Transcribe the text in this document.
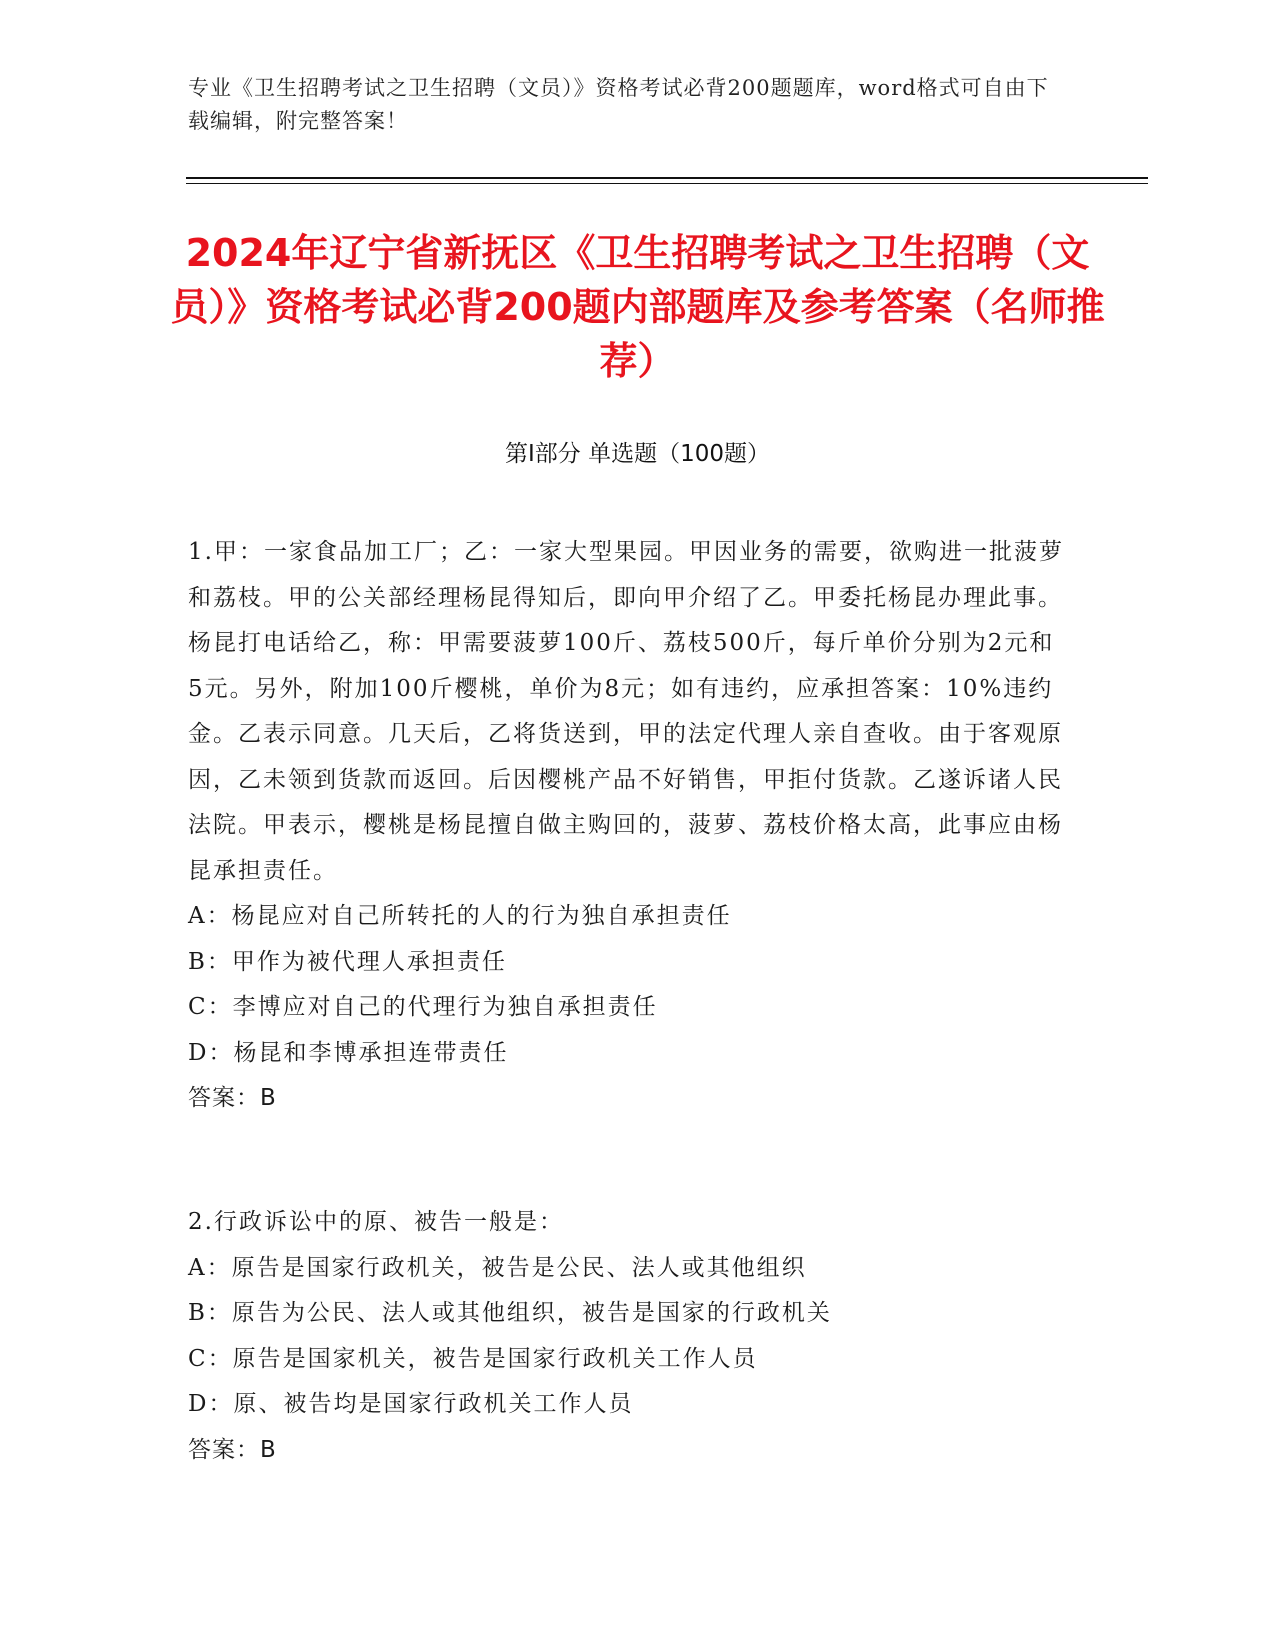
专业《卫生招聘考试之卫生招聘（文员）》资格考试必背200题题库，word格式可自由下载编辑，附完整答案！
2024年辽宁省新抚区《卫生招聘考试之卫生招聘（文员）》资格考试必背200题内部题库及参考答案（名师推荐）
第I部分 单选题（100题）

1.甲：一家食品加工厂；乙：一家大型果园。甲因业务的需要，欲购进一批菠萝和荔枝。甲的公关部经理杨昆得知后，即向甲介绍了乙。甲委托杨昆办理此事。杨昆打电话给乙，称：甲需要菠萝100斤、荔枝500斤，每斤单价分别为2元和5元。另外，附加100斤樱桃，单价为8元；如有违约，应承担答案：10%违约金。乙表示同意。几天后，乙将货送到，甲的法定代理人亲自查收。由于客观原因，乙未领到货款而返回。后因樱桃产品不好销售，甲拒付货款。乙遂诉诸人民法院。甲表示，樱桃是杨昆擅自做主购回的，菠萝、荔枝价格太高，此事应由杨昆承担责任。

A：杨昆应对自己所转托的人的行为独自承担责任

B：甲作为被代理人承担责任

C：李博应对自己的代理行为独自承担责任

D：杨昆和李博承担连带责任

答案：B

2.行政诉讼中的原、被告一般是：

A：原告是国家行政机关，被告是公民、法人或其他组织

B：原告为公民、法人或其他组织，被告是国家的行政机关

C：原告是国家机关，被告是国家行政机关工作人员

D：原、被告均是国家行政机关工作人员

答案：B
